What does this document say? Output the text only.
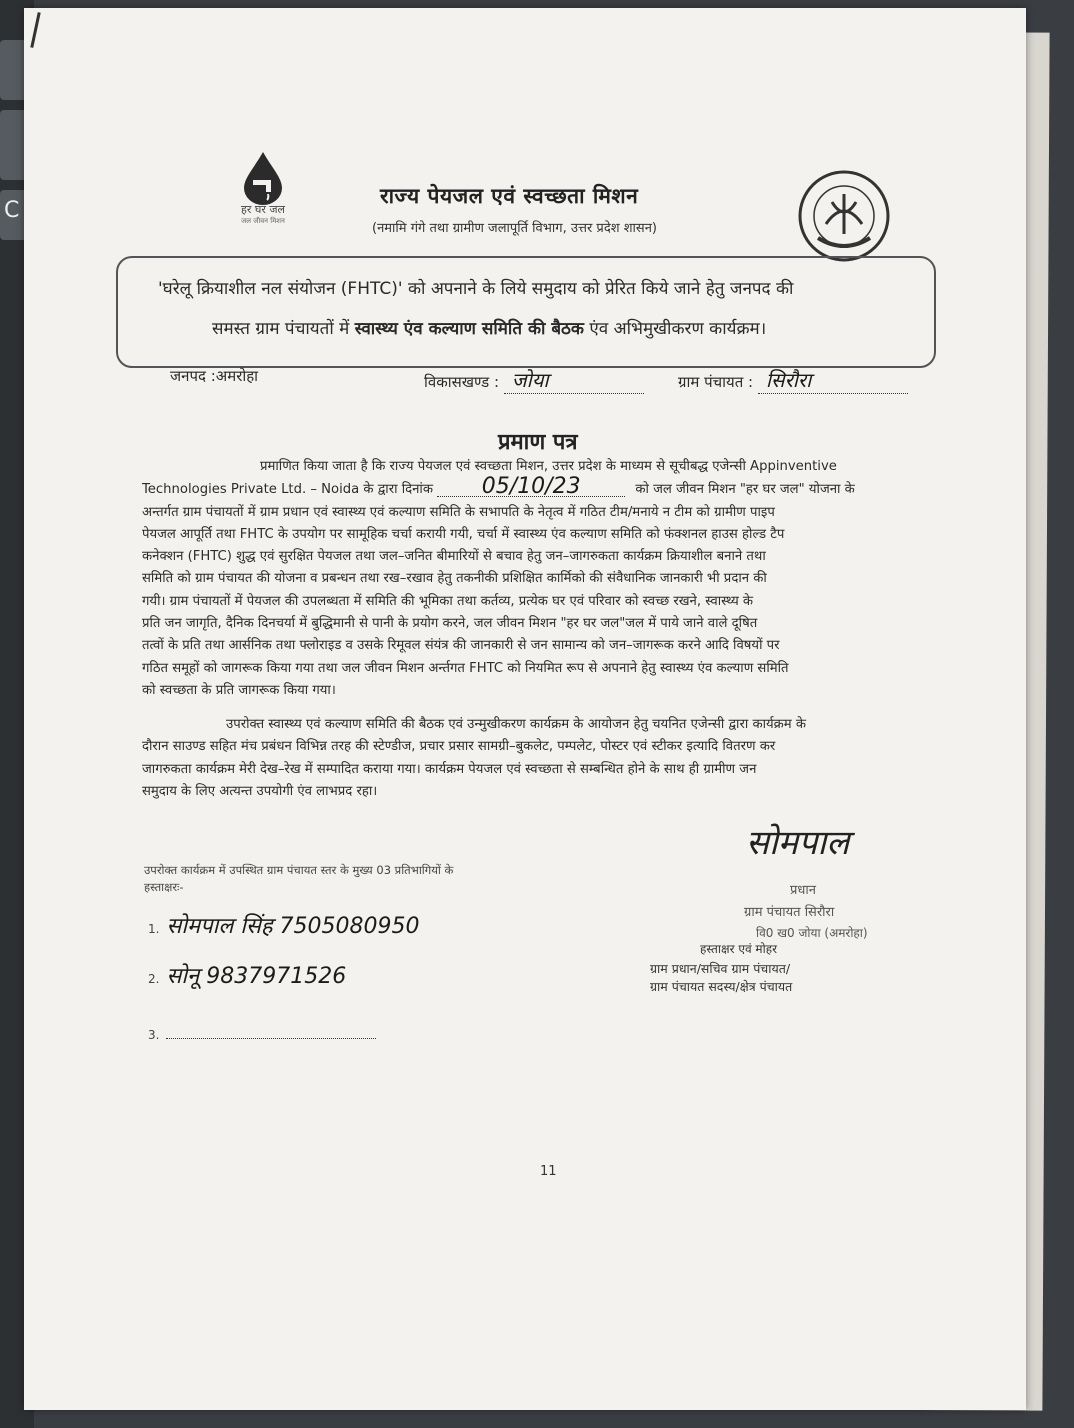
C	हर घर जल
जल जीवन मिशन
राज्य पेयजल एवं स्वच्छता मिशन
(नमामि गंगे तथा ग्रामीण जलापूर्ति विभाग, उत्तर प्रदेश शासन)
'घरेलू क्रियाशील नल संयोजन (FHTC)' को अपनाने के लिये समुदाय को प्रेरित किये जाने हेतु जनपद की
समस्त ग्राम पंचायतों में स्वास्थ्य एंव कल्याण समिति की बैठक एंव अभिमुखीकरण कार्यक्रम।
जनपद :अमरोहा	विकासखण्ड : जोया	ग्राम पंचायत : सिरौरा
प्रमाण पत्र
प्रमाणित किया जाता है कि राज्य पेयजल एवं स्वच्छता मिशन, उत्तर प्रदेश के माध्यम से सूचीबद्ध एजेन्सी Appinventive
Technologies Private Ltd. – Noida के द्वारा दिनांक 05/10/23	को जल जीवन मिशन "हर घर जल" योजना के
अन्तर्गत ग्राम पंचायतों में ग्राम प्रधान एवं स्वास्थ्य एवं कल्याण समिति के सभापति के नेतृत्व में गठित टीम/मनाये न टीम को ग्रामीण पाइप
पेयजल आपूर्ति तथा FHTC के उपयोग पर सामूहिक चर्चा करायी गयी, चर्चा में स्वास्थ्य एंव कल्याण समिति को फंक्शनल हाउस होल्ड टैप
कनेक्शन (FHTC) शुद्ध एवं सुरक्षित पेयजल तथा जल–जनित बीमारियों से बचाव हेतु जन–जागरुकता कार्यक्रम क्रियाशील बनाने तथा
समिति को ग्राम पंचायत की योजना व प्रबन्धन तथा रख–रखाव हेतु तकनीकी प्रशिक्षित कार्मिको की संवैधानिक जानकारी भी प्रदान की
गयी। ग्राम पंचायतों में पेयजल की उपलब्धता में समिति की भूमिका तथा कर्तव्य, प्रत्येक घर एवं परिवार को स्वच्छ रखने, स्वास्थ्य के
प्रति जन जागृति, दैनिक दिनचर्या में बुद्धिमानी से पानी के प्रयोग करने, जल जीवन मिशन "हर घर जल"जल में पाये जाने वाले दूषित
तत्वों के प्रति तथा आर्सनिक तथा फ्लोराइड व उसके रिमूवल संयंत्र की जानकारी से जन सामान्य को जन–जागरूक करने आदि विषयों पर
गठित समूहों को जागरूक किया गया तथा जल जीवन मिशन अर्न्तगत FHTC को नियमित रूप से अपनाने हेतु स्वास्थ्य एंव कल्याण समिति
को स्वच्छता के प्रति जागरूक किया गया।
उपरोक्त स्वास्थ्य एवं कल्याण समिति की बैठक एवं उन्मुखीकरण कार्यक्रम के आयोजन हेतु चयनित एजेन्सी द्वारा कार्यक्रम के
दौरान साउण्ड सहित मंच प्रबंधन विभिन्न तरह की स्टेण्डीज, प्रचार प्रसार सामग्री–बुकलेट, पम्पलेट, पोस्टर एवं स्टीकर इत्यादि वितरण कर
जागरुकता कार्यक्रम मेरी देख–रेख में सम्पादित कराया गया। कार्यक्रम पेयजल एवं स्वच्छता से सम्बन्धित होने के साथ ही ग्रामीण जन
समुदाय के लिए अत्यन्त उपयोगी एंव लाभप्रद रहा।
उपरोक्त कार्यक्रम में उपस्थित ग्राम पंचायत स्तर के मुख्य 03 प्रतिभागियों के
हस्ताक्षरः-
1. सोमपाल सिंह 7505080950
2. सोनू 9837971526
3.
सोमपाल
प्रधान
ग्राम पंचायत सिरौरा
वि0 ख0 जोया (अमरोहा)
हस्ताक्षर एवं मोहर
ग्राम प्रधान/सचिव ग्राम पंचायत/
ग्राम पंचायत सदस्य/क्षेत्र पंचायत
11
